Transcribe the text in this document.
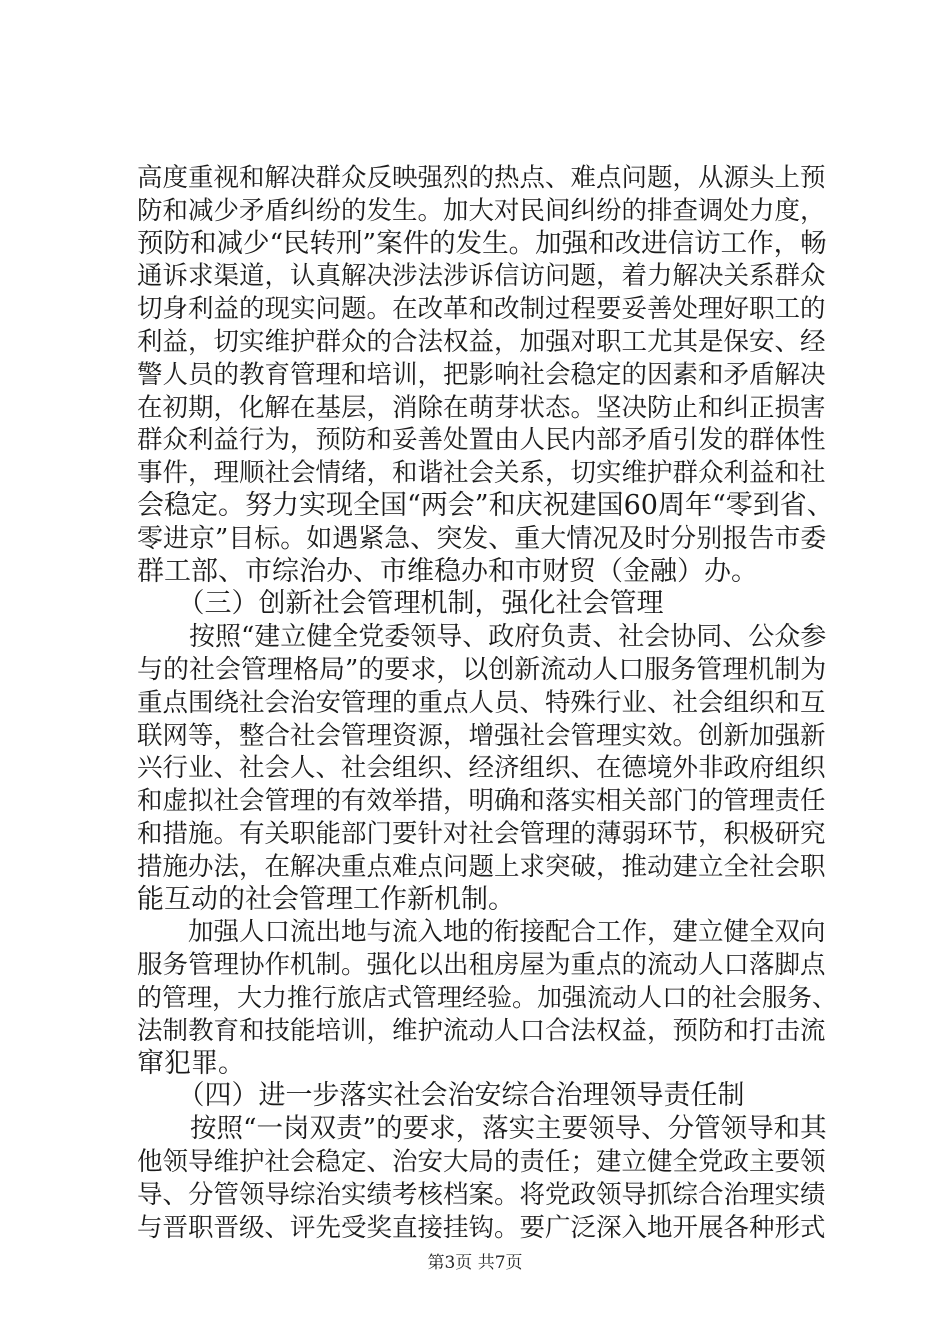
高度重视和解决群众反映强烈的热点、难点问题，从源头上预
防和减少矛盾纠纷的发生。加大对民间纠纷的排查调处力度，
预防和减少“民转刑”案件的发生。加强和改进信访工作，畅
通诉求渠道，认真解决涉法涉诉信访问题，着力解决关系群众
切身利益的现实问题。在改革和改制过程要妥善处理好职工的
利益，切实维护群众的合法权益，加强对职工尤其是保安、经
警人员的教育管理和培训，把影响社会稳定的因素和矛盾解决
在初期，化解在基层，消除在萌芽状态。坚决防止和纠正损害
群众利益行为，预防和妥善处置由人民内部矛盾引发的群体性
事件，理顺社会情绪，和谐社会关系，切实维护群众利益和社
会稳定。努力实现全国“两会”和庆祝建国60周年“零到省、
零进京”目标。如遇紧急、突发、重大情况及时分别报告市委
群工部、市综治办、市维稳办和市财贸（金融）办。
　　（三）创新社会管理机制，强化社会管理
　　按照“建立健全党委领导、政府负责、社会协同、公众参
与的社会管理格局”的要求，以创新流动人口服务管理机制为
重点围绕社会治安管理的重点人员、特殊行业、社会组织和互
联网等，整合社会管理资源，增强社会管理实效。创新加强新
兴行业、社会人、社会组织、经济组织、在德境外非政府组织
和虚拟社会管理的有效举措，明确和落实相关部门的管理责任
和措施。有关职能部门要针对社会管理的薄弱环节，积极研究
措施办法，在解决重点难点问题上求突破，推动建立全社会职
能互动的社会管理工作新机制。
　　加强人口流出地与流入地的衔接配合工作，建立健全双向
服务管理协作机制。强化以出租房屋为重点的流动人口落脚点
的管理，大力推行旅店式管理经验。加强流动人口的社会服务、
法制教育和技能培训，维护流动人口合法权益，预防和打击流
窜犯罪。
　　（四）进一步落实社会治安综合治理领导责任制
　　按照“一岗双责”的要求，落实主要领导、分管领导和其
他领导维护社会稳定、治安大局的责任；建立健全党政主要领
导、分管领导综治实绩考核档案。将党政领导抓综合治理实绩
与晋职晋级、评先受奖直接挂钩。要广泛深入地开展各种形式
第3页 共7页
